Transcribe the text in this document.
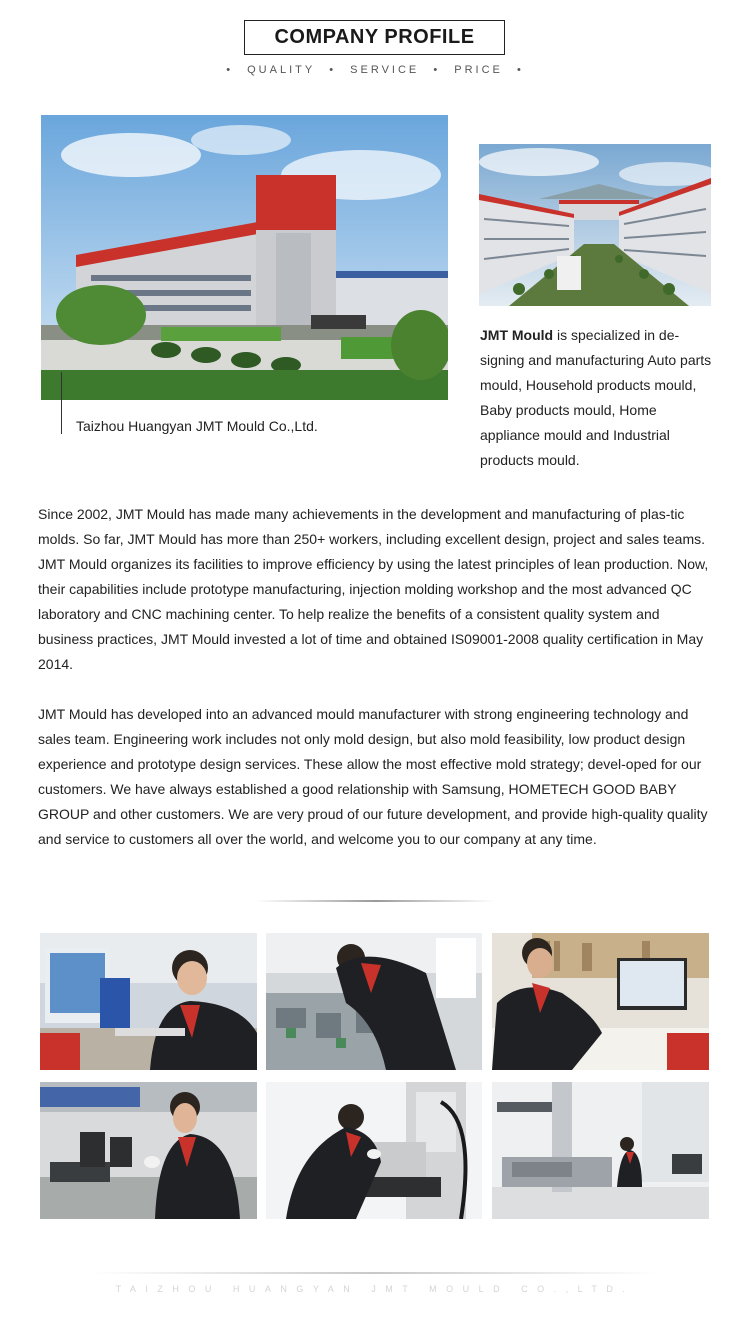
COMPANY PROFILE
• QUALITY • SERVICE • PRICE •
Taizhou Huangyan JMT Mould Co.,Ltd.
JMT Mould is specialized in de-signing and manufacturing Auto parts mould, Household products mould, Baby products mould, Home appliance mould and Industrial products mould.
Since 2002, JMT Mould has made many achievements in the development and manufacturing of plas-tic molds. So far, JMT Mould has more than 250+ workers, including excellent design, project and sales teams. JMT Mould organizes its facilities to improve efficiency by using the latest principles of lean production. Now, their capabilities include prototype manufacturing, injection molding workshop and the most advanced QC laboratory and CNC machining center. To help realize the benefits of a consistent quality system and business practices, JMT Mould invested a lot of time and obtained IS09001-2008 quality certification in May 2014.
JMT Mould has developed into an advanced mould manufacturer with strong engineering technology and sales team. Engineering work includes not only mold design, but also mold feasibility, low product design experience and prototype design services. These allow the most effective mold strategy; devel-oped for our customers. We have always established a good relationship with Samsung, HOMETECH GOOD BABY GROUP and other customers. We are very proud of our future development, and provide high-quality quality and service to customers all over the world, and welcome you to our company at any time.
TAIZHOU HUANGYAN JMT MOULD CO.,LTD.
